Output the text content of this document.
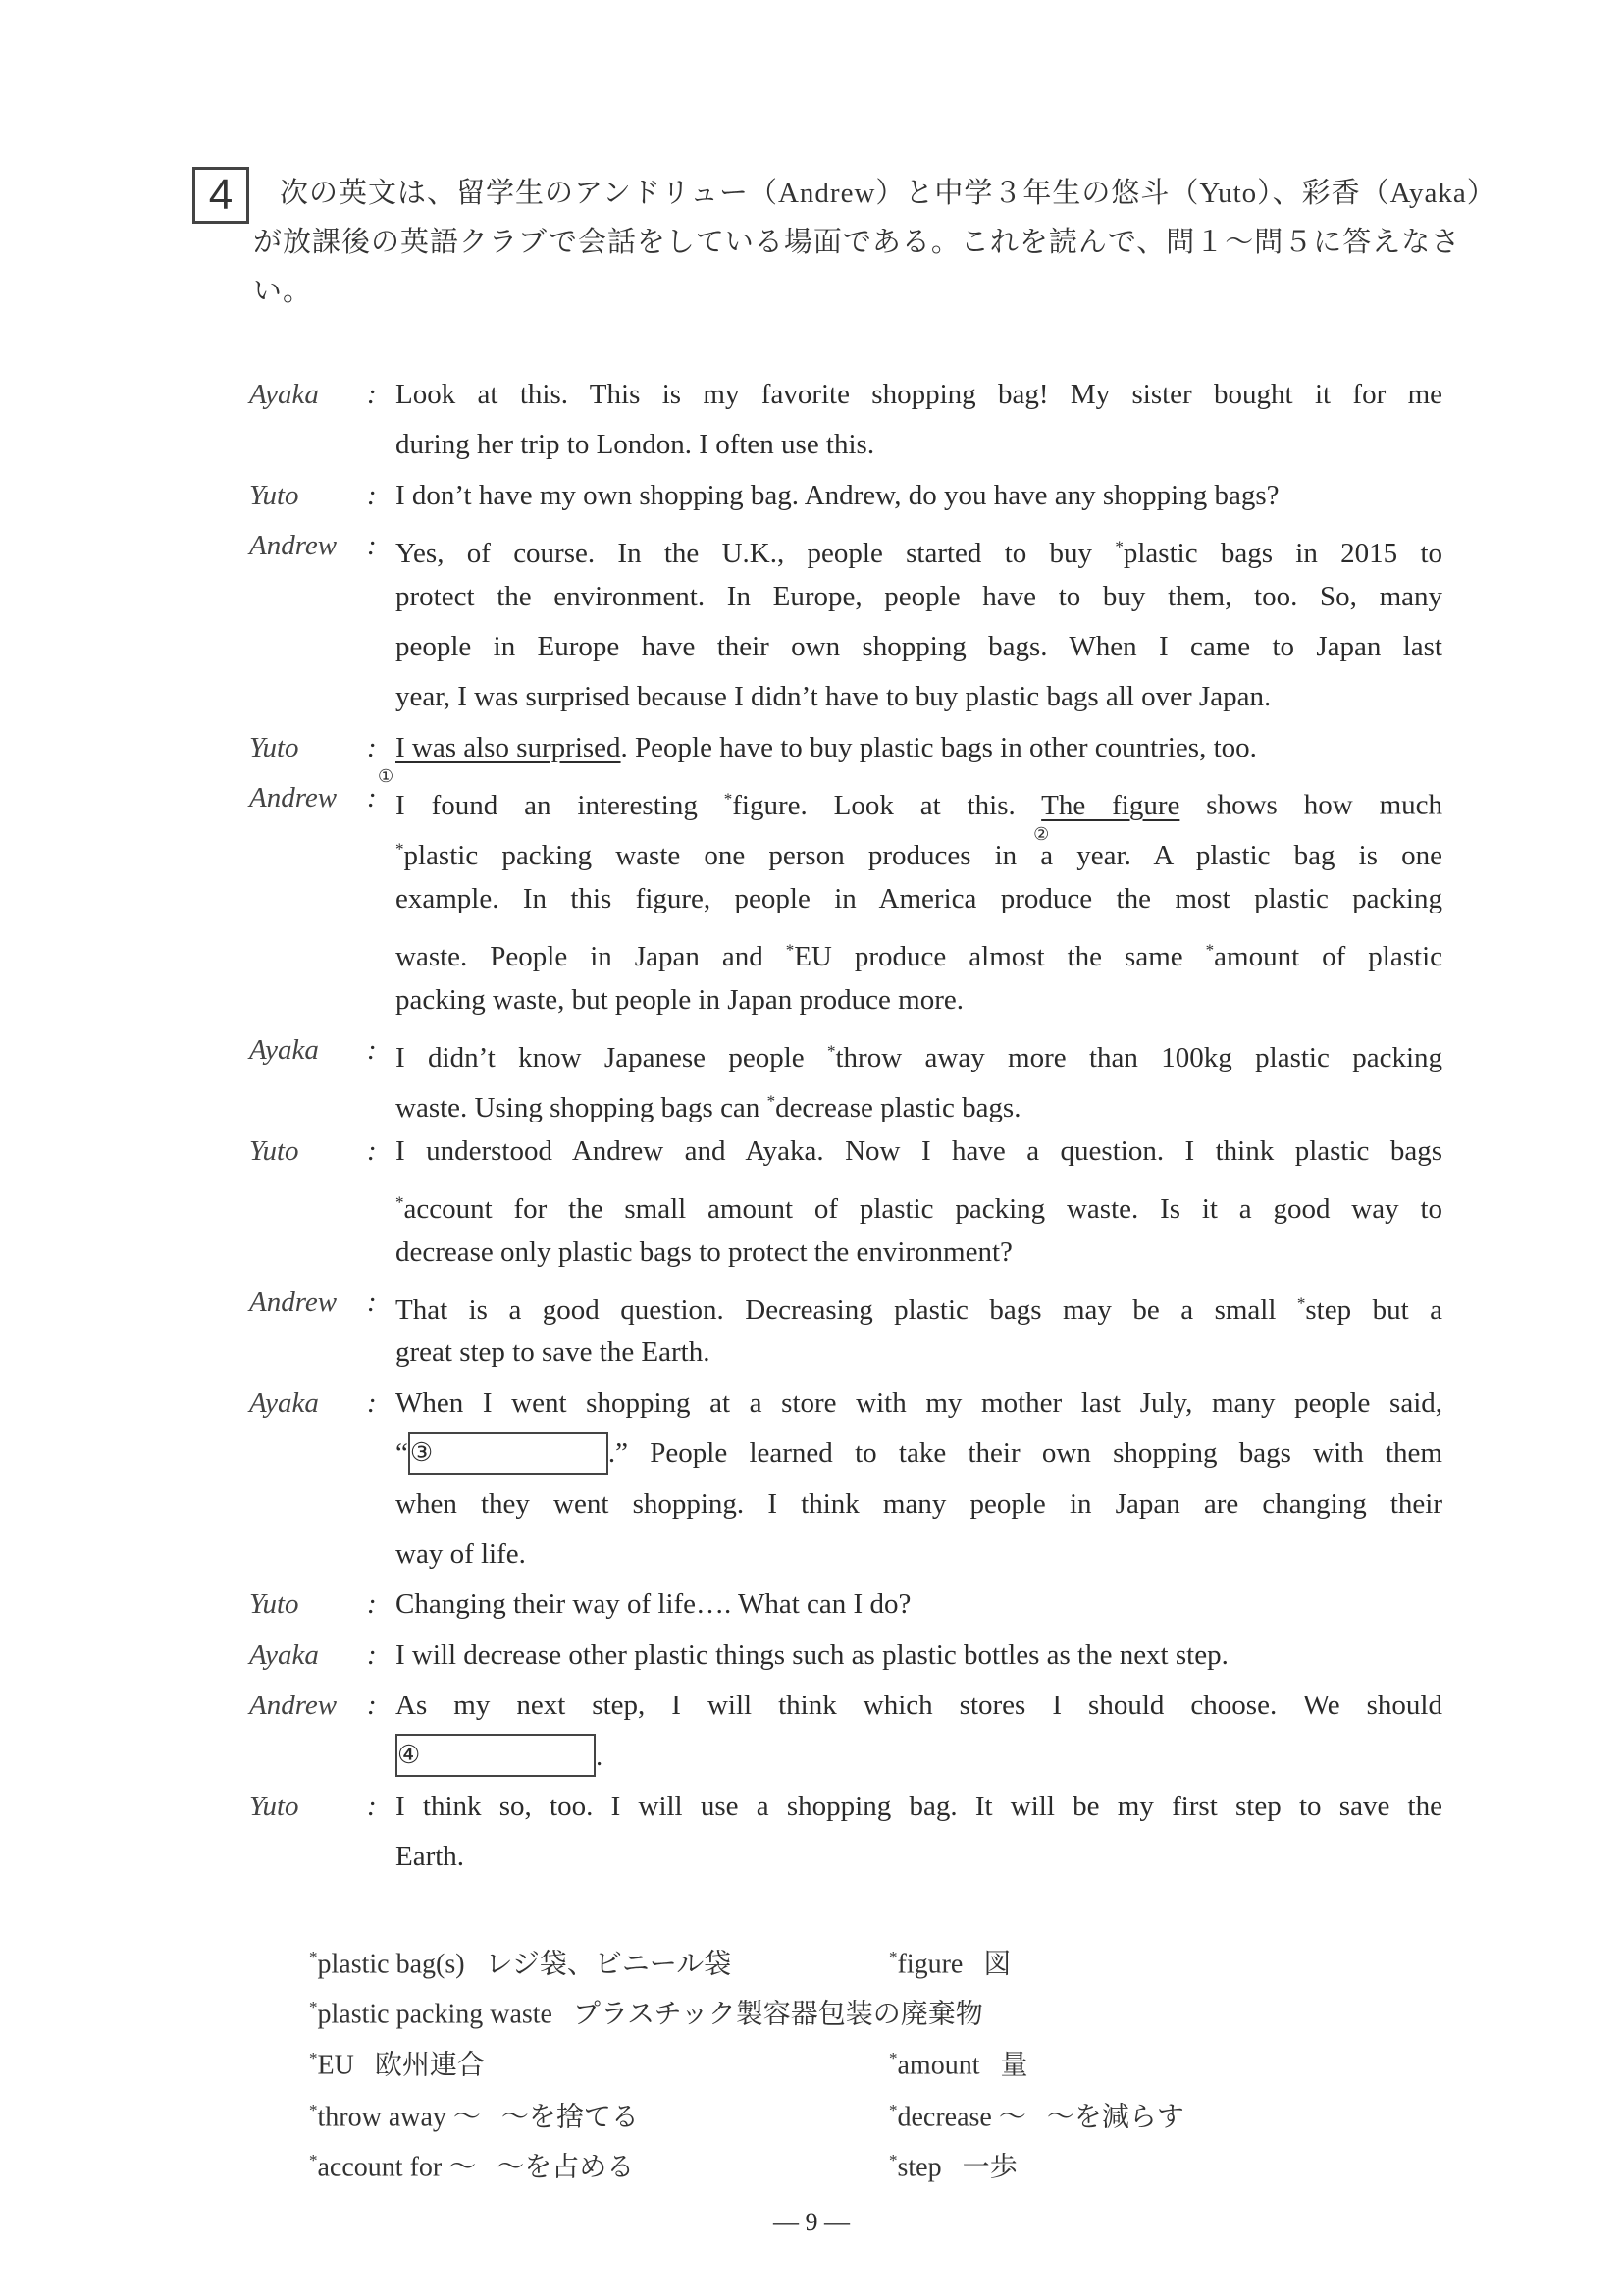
4	次の英文は、留学生のアンドリュー（Andrew）と中学３年生の悠斗（Yuto）、彩香（Ayaka）
が放課後の英語クラブで会話をしている場面である。これを読んで、問１～問５に答えなさ
い。
Ayaka : Look at this. This is my favorite shopping bag! My sister bought it for me
during her trip to London. I often use this.
Yuto : I don’t have my own shopping bag. Andrew, do you have any shopping bags?
Andrew : Yes, of course. In the U.K., people started to buy *plastic bags in 2015 to
protect the environment. In Europe, people have to buy them, too. So, many
people in Europe have their own shopping bags. When I came to Japan last
year, I was surprised because I didn’t have to buy plastic bags all over Japan.
Yuto : I was also surprised
①
. People have to buy plastic bags in other countries, too.
Andrew : I found an interesting *figure. Look at this. The figure
②
shows how much
*plastic packing waste one person produces in a year. A plastic bag is one
example. In this figure, people in America produce the most plastic packing
waste. People in Japan and *EU produce almost the same *amount of plastic
packing waste, but people in Japan produce more.
Ayaka : I didn’t know Japanese people *throw away more than 100kg plastic packing
waste. Using shopping bags can *decrease plastic bags.
Yuto : I understood Andrew and Ayaka. Now I have a question. I think plastic bags
*account for the small amount of plastic packing waste. Is it a good way to
decrease only plastic bags to protect the environment?
Andrew : That is a good question. Decreasing plastic bags may be a small *step but a
great step to save the Earth.
Ayaka : When I went shopping at a store with my mother last July, many people said,
“③	.” People learned to take their own shopping bags with them
when they went shopping. I think many people in Japan are changing their
way of life.
Yuto : Changing their way of life…. What can I do?
Ayaka : I will decrease other plastic things such as plastic bottles as the next step.
Andrew : As my next step, I will think which stores I should choose. We should
④	.
Yuto : I think so, too. I will use a shopping bag. It will be my first step to save the
Earth.
*plastic bag(s) レジ袋、ビニール袋	*figure 図
*plastic packing waste プラスチック製容器包装の廃棄物
*EU 欧州連合	*amount 量
*throw away ～ ～を捨てる	*decrease ～ ～を減らす
*account for ～ ～を占める	*step 一歩
― 9 ―
